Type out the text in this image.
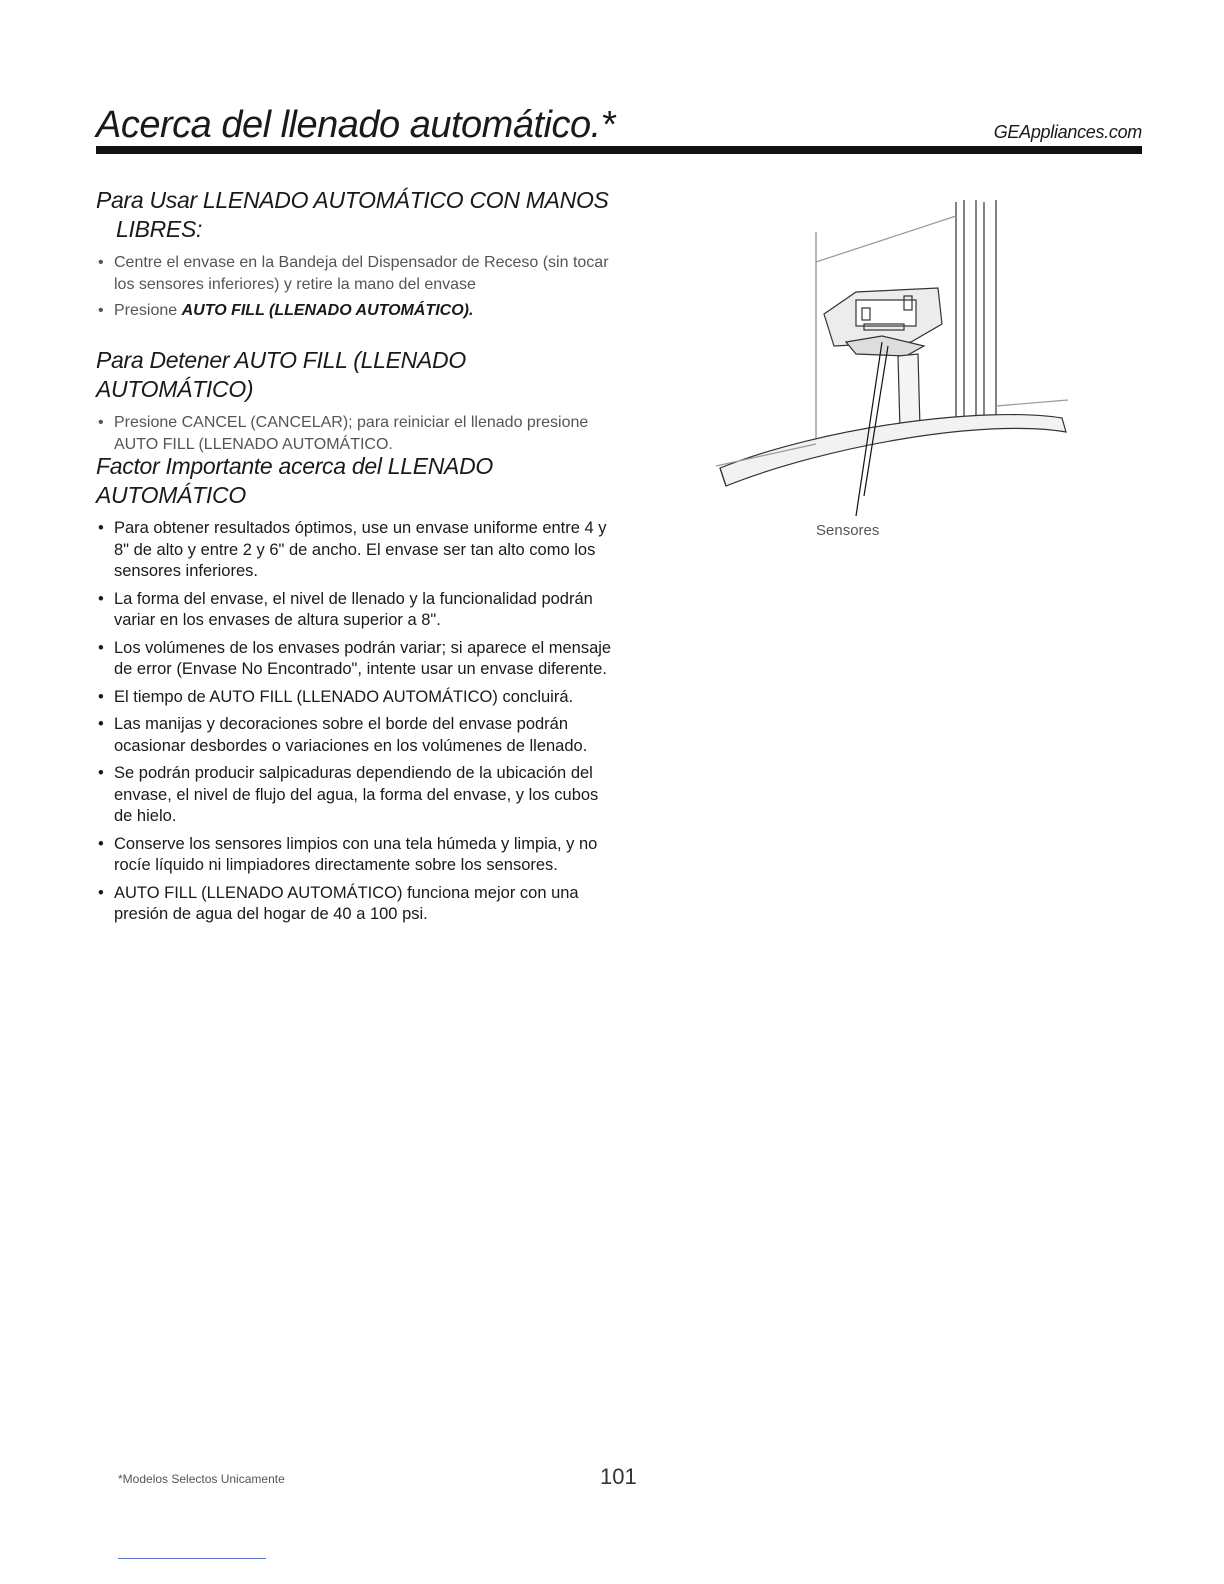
Acerca del llenado automático.*	GEAppliances.com
Para Usar LLENADO AUTOMÁTICO CON MANOS
LIBRES:
• Centre el envase en la Bandeja del Dispensador de Receso (sin tocar los sensores inferiores) y retire la mano del envase
• Presione AUTO FILL (LLENADO AUTOMÁTICO).
Para Detener AUTO FILL (LLENADO AUTOMÁTICO)
• Presione CANCEL (CANCELAR); para reiniciar el llenado presione AUTO FILL (LLENADO AUTOMÁTICO.
Factor Importante acerca del LLENADO AUTOMÁTICO
• Para obtener resultados óptimos, use un envase uniforme entre 4 y 8" de alto y entre 2 y 6" de ancho. El envase ser tan alto como los sensores inferiores.
• La forma del envase, el nivel de llenado y la funcionalidad podrán variar en los envases de altura superior a 8".
• Los volúmenes de los envases podrán variar; si aparece el mensaje de error (Envase No Encontrado", intente usar un envase diferente.
• El tiempo de AUTO FILL (LLENADO AUTOMÁTICO) concluirá.
• Las manijas y decoraciones sobre el borde del envase podrán ocasionar desbordes o variaciones en los volúmenes de llenado.
• Se podrán producir salpicaduras dependiendo de la ubicación del envase, el nivel de flujo del agua, la forma del envase, y los cubos de hielo.
• Conserve los sensores limpios con una tela húmeda y limpia, y no rocíe líquido ni limpiadores directamente sobre los sensores.
• AUTO FILL (LLENADO AUTOMÁTICO) funciona mejor con una presión de agua del hogar de 40 a 100 psi.
Sensores
*Modelos Selectos Unicamente	101
